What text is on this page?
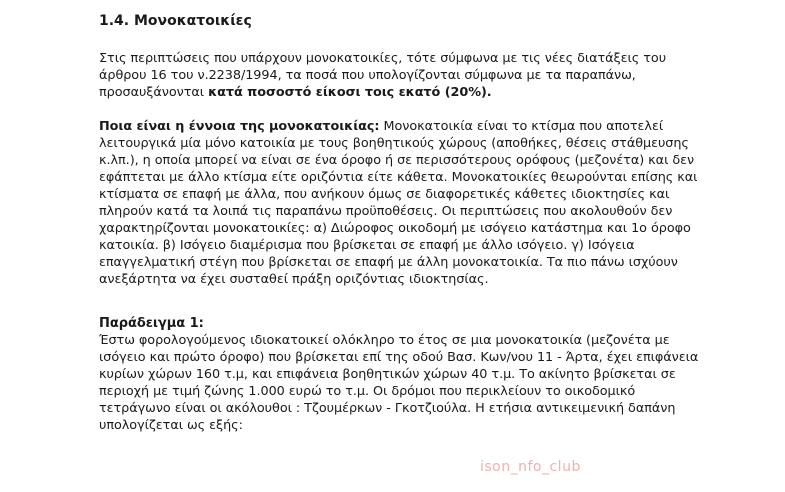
1.4. Μονοκατοικίες

Στις περιπτώσεις που υπάρχουν μονοκατοικίες, τότε σύμφωνα με τις νέες διατάξεις του άρθρου 16 του ν.2238/1994, τα ποσά που υπολογίζονται σύμφωνα με τα παραπάνω, προσαυξάνονται κατά ποσοστό είκοσι τοις εκατό (20%).

Ποια είναι η έννοια της μονοκατοικίας: Μονοκατοικία είναι το κτίσμα που αποτελεί λειτουργικά μία μόνο κατοικία με τους βοηθητικούς χώρους (αποθήκες, θέσεις στάθμευσης κ.λπ.), η οποία μπορεί να είναι σε ένα όροφο ή σε περισσότερους ορόφους (μεζονέτα) και δεν εφάπτεται με άλλο κτίσμα είτε οριζόντια είτε κάθετα. Μονοκατοικίες θεωρούνται επίσης και κτίσματα σε επαφή με άλλα, που ανήκουν όμως σε διαφορετικές κάθετες ιδιοκτησίες και πληρούν κατά τα λοιπά τις παραπάνω προϋποθέσεις. Οι περιπτώσεις που ακολουθούν δεν χαρακτηρίζονται μονοκατοικίες: α) Διώροφος οικοδομή με ισόγειο κατάστημα και 1ο όροφο κατοικία. β) Ισόγειο διαμέρισμα που βρίσκεται σε επαφή με άλλο ισόγειο. γ) Ισόγεια επαγγελματική στέγη που βρίσκεται σε επαφή με άλλη μονοκατοικία. Τα πιο πάνω ισχύουν ανεξάρτητα να έχει συσταθεί πράξη οριζόντιας ιδιοκτησίας.

Παράδειγμα 1:

Έστω φορολογούμενος ιδιοκατοικεί ολόκληρο το έτος σε μια μονοκατοικία (μεζονέτα με ισόγειο και πρώτο όροφο) που βρίσκεται επί της οδού Βασ. Κων/νου 11 - Άρτα, έχει επιφάνεια κυρίων χώρων 160 τ.μ, και επιφάνεια βοηθητικών χώρων 40 τ.μ. Το ακίνητο βρίσκεται σε περιοχή με τιμή ζώνης 1.000 ευρώ το τ.μ. Οι δρόμοι που περικλείουν το οικοδομικό τετράγωνο είναι οι ακόλουθοι : Τζουμέρκων - Γκοτζιούλα. Η ετήσια αντικειμενική δαπάνη υπολογίζεται ως εξής:

ison_nfo_club
